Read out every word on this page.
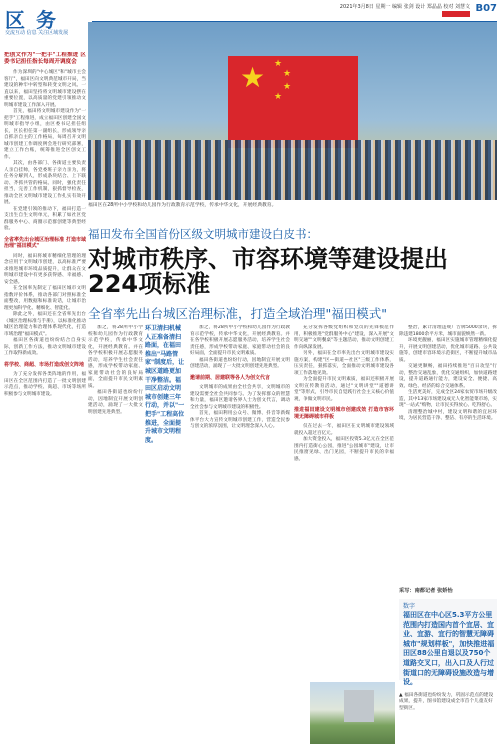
区 务
交流互动 信息 关注区域发展
2021年3月8日 星期一 编辑 张剑 设计 郑晶晶 校对 刘慧文 B07
把创文作为"一把手"工程推进 区委书记担任指长每周开调度会

作为深圳的"中心城区"和"城市主会客厅"，福田区向文明典范城市开局，当建设的种牢中转型和转变文明之风。一直以来，福田坚持将文明城市建设摆在重要位置，以高质量的党建引领推动文明城市建设工作深入开展。

首先，福田将文明城市建设作为"一把手"工程推进，成立福田区创建全国文明城市指导小组，由区委书记担任组长，区长担任第一副组长，形成领导亲自抓亲自主的工作格局，每周召开文明城市创建工作调度例会进行研究部署，建立工作台账，统筹推进全区创文工作。

其次，由各部门、各街道主要负责人亲自挂帅，各党委班子亲力亲为，将任务分解到人，形成条块结合、上下联动、齐抓共管的格局。同时，强化责任担当，完善工作机制，狠抓督导检查，推动全区文明城市建设工作扎实有效开展。

在党建引领的推动下，福田打造一支出生自生文明单元，积累了如社区党群服务中心、商圈示范群创建等典型经验。

全省率先出台城区治理标准 打造市域治理"福田模式"

同时，福田将城市精细化管理的理念应用于文明城市创建，以高标准严要求推进城市环境品质提升，让群众在文明城市建设中有更多获得感、幸福感、安全感。

在全国率先制定了福田区城市文明指数评价体系，推动各部门对照标准全面整改，用数据和标准说话，让城市治理更加科学化、精细化、智能化。

除此之外，福田还在全省率先出台《城区治理标准与手册》，以标准化推动城区治理能力和治理体系现代化，打造市域治理"福田模式"。

福田区各街道也纷纷结合自身实际，创新工作方法，推动文明城市建设工作取得新成效。

将学校、商超、市场打造成创文阵地

为了充分发挥各类阵地的作用，福田区在全区范围内打造了一批文明创建示范点，推动学校、商超、市场等场所积极参与文明城市建设。

★ ★
★
★
★
福田区在28所中小学校和幼儿园作为行政教育示范学校，传承中华文化，开展经典教育。
福田发布全国首份区级文明城市建设白皮书：
对城市秩序、市容环境等建设提出224项标准
全省率先出台城区治理标准，打造全域治理"福田模式"

加之，将28所中小学校和幼儿园作为行政教育示范学校，传承中华文化，开展经典教育。并在各学校积极开展志愿服务活动，培养学生社会责任感，形成学校带动家庭、家庭带动社会的良好局面，全面提升市民文明素质。

福田各街道也纷纷行动，因地制宜开展文明创建活动，涌现了一大批文明创建先进典型。

环卫清扫机械人正准备清扫路面，在福田推出"马路管家"制度后，让城区道路更加干净整洁。福田区启动文明城市创建三年行动，并以"一把手"工程高位推进，全面提升城市文明程度。

加之，将28所中小学校和幼儿园作为行政教育示范学校，传承中华文化，开展经典教育。并在各学校积极开展志愿服务活动，培养学生社会责任感，形成学校带动家庭、家庭带动社会的良好局面，全面提升市民文明素质。

福田各街道也纷纷行动，因地制宜开展文明创建活动，涌现了一大批文明创建先进典型。

邀请前期、居建联等各人为创文代言

文明城市的成果由全社会共享，文明城市的建设需要全社会共同参与。为了发挥群众的智慧和力量，福田区邀请各界人士为创文代言，调动全社会参与文明城市建设的积极性。

首先，福田利用公众号、微博、抖音等新媒体平台大力宣传文明城市创建工作，营造全民参与创文的浓厚氛围，让文明理念深入人心。

充分发挥各级党组织和党员的先锋模范作用，积极推进"党群服务中心"建设，深入开展"文明交通""文明餐桌"等主题活动，推动文明创建工作向纵深发展。

另外，福田在全市率先出台文明城市建设实施方案，构建"区—街道—社区"三级工作体系，压实责任，狠抓落实，全面推动文明城市建设各项工作落地见效。

为全面提升市民文明素质，福田还积极开展文明宣传教育活动，通过"文明讲堂""道德讲堂"等形式，引导市民自觉践行社会主义核心价值观，争做文明市民。

推进福田建设文明城市创建成效 打造市容环境无障碍城市样板

仅在过去一年，福田区在文明城市建设领域就投入超过百亿元。

加大资金投入，福田区投资5.3亿元在全区范围内打造街心公园，推进"公园城市"建设，让市民推窗见绿、出门见园，不断提升市民的幸福感。

整治，累计清理违规广告牌5000余块，拆除违建1800余平方米，城市面貌焕然一新。

环境更靓丽，福田区实施城市管理精细化提升，开展文明创建活动，优化城市道路、公共设施等，创建市容环境示范街区，不断提升城市品质。

交通更顺畅，福田持续推进"百日攻坚"行动，整治交通乱象，优化交通组织，加快道路建设，提升道路通行能力，建设安全、便捷、高效、绿色、经济的综合交通体系。

生活更美好，完成全区24家农贸市场升级改造，其中13家市场建设成无人化智能菜市场，实现"一站式"购物，让市民买得放心、吃得舒心。

清理整治城中村，建设文明和谐的宜居环境，为居民营造干净、整洁、有序的生活环境。

采写：南都记者 张娇怡
数字
福田区在中心区5.3平方公里范围内打造国内首个宜居、宜业、宜游、宜行的智慧无障碍城市"规划样板"，加快推进福田区88公里自退以及750个道路交叉口，出入口及人行过街道口的无障碍设施改造与增设。
▲ 福田各街道也纷纷发力，巩固示范点的建设成果，提升，图书馆建设成全市首个儿童友好型街区。
